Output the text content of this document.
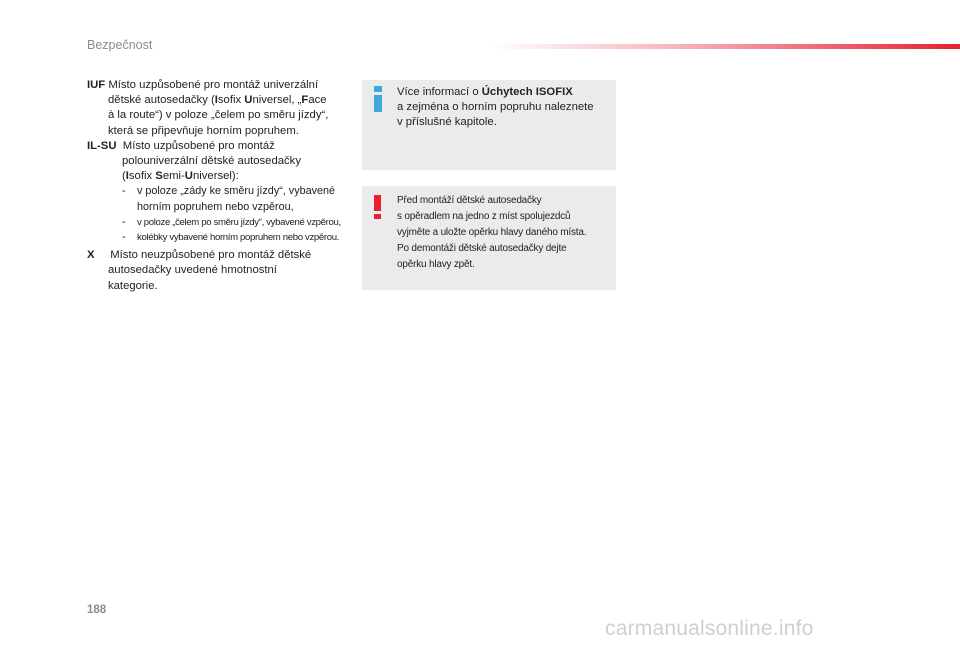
Bezpečnost
IUF Místo uzpůsobené pro montáž univerzální
dětské autosedačky (Isofix Universel, „Face
à la route“) v poloze „čelem po směru jízdy“,
která se připevňuje horním popruhem.
IL-SU Místo uzpůsobené pro montáž
polouniverzální dětské autosedačky
(Isofix Semi-Universel):
- v poloze „zády ke směru jízdy“, vybavené
horním popruhem nebo vzpěrou,
- v poloze „čelem po směru jízdy“, vybavené vzpěrou,
- kolébky vybavené horním popruhem nebo vzpěrou.
X Místo neuzpůsobené pro montáž dětské
autosedačky uvedené hmotnostní
kategorie.
Více informací o Úchytech ISOFIX
a zejména o horním popruhu naleznete
v příslušné kapitole.
Před montáží dětské autosedačky
s opěradlem na jedno z míst spolujezdců
vyjměte a uložte opěrku hlavy daného místa.
Po demontáži dětské autosedačky dejte
opěrku hlavy zpět.
188
carmanualsonline.info
